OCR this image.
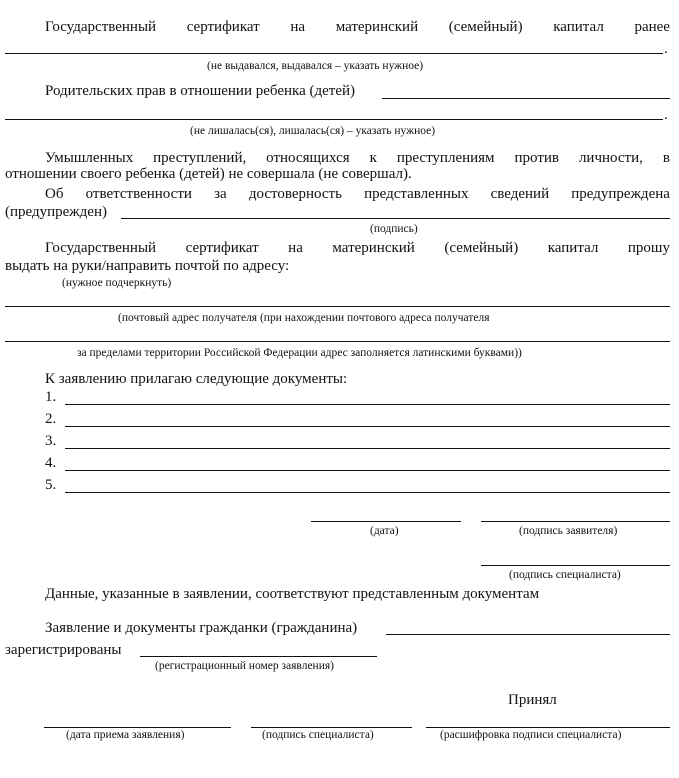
Государственный сертификат на материнский (семейный) капитал ранее
.
(не выдавался, выдавался – указать нужное)
Родительских прав в отношении ребенка (детей)
.
(не лишалась(ся), лишалась(ся) – указать нужное)
Умышленных преступлений, относящихся к преступлениям против личности, в
отношении своего ребенка (детей) не совершала (не совершал).
Об ответственности за достоверность представленных сведений предупреждена
(предупрежден)
(подпись)
Государственный сертификат на материнский (семейный) капитал прошу
выдать на руки/направить почтой по адресу:
(нужное подчеркнуть)
(почтовый адрес получателя (при нахождении почтового адреса получателя
за пределами территории Российской Федерации адрес заполняется латинскими буквами))
К заявлению прилагаю следующие документы:
1.
2.
3.
4.
5.
(дата)	(подпись заявителя)
(подпись специалиста)
Данные, указанные в заявлении, соответствуют представленным документам
Заявление и документы гражданки (гражданина)
зарегистрированы
(регистрационный номер заявления)
Принял
(дата приема заявления)	(подпись специалиста)	(расшифровка подписи специалиста)
